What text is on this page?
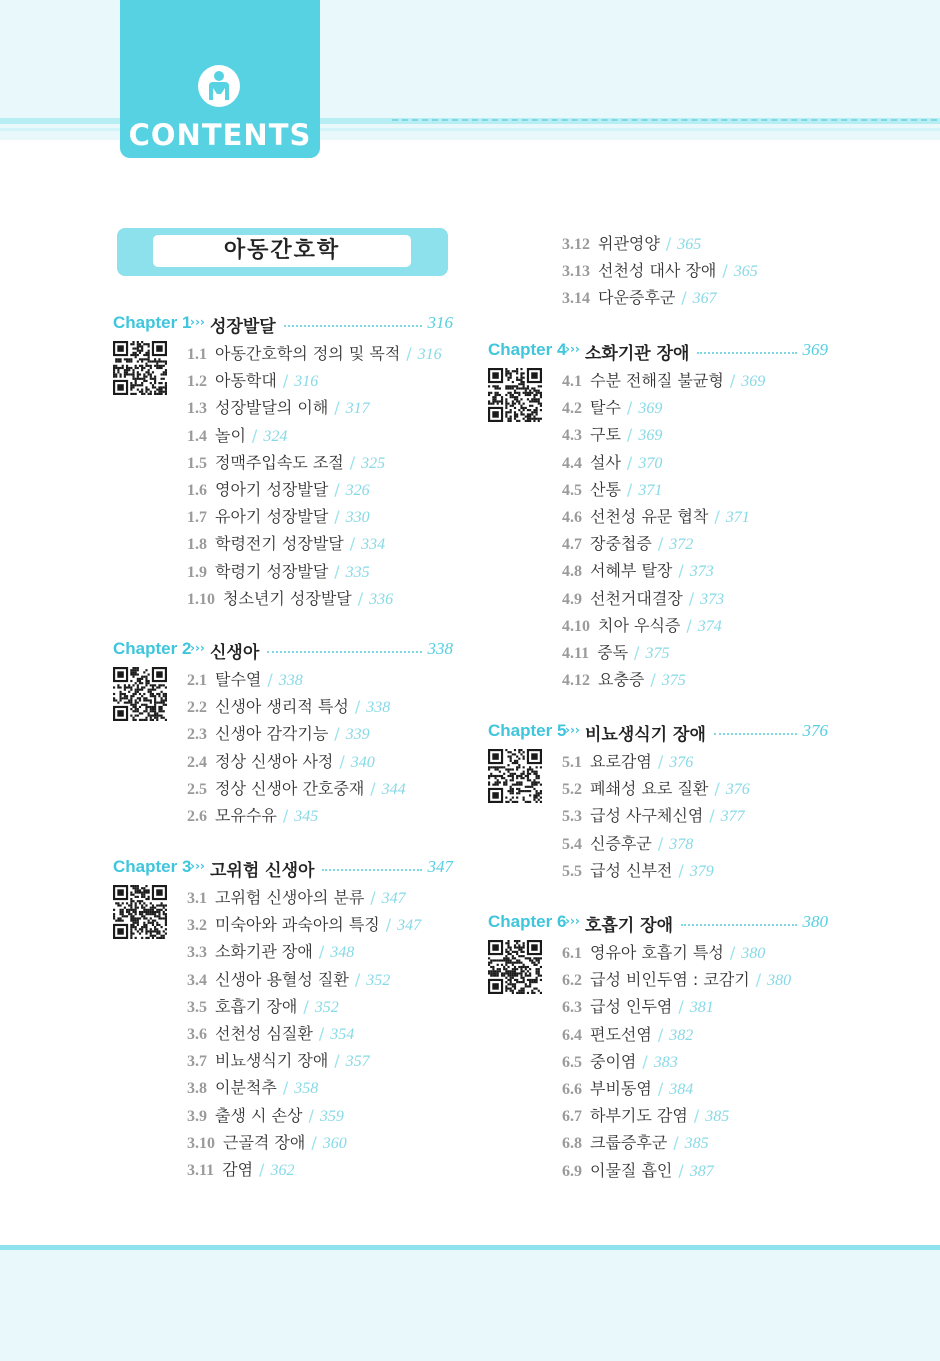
CONTENTS
아동간호학
Chapter 1
››› 성장발달	316
1.1 아동간호학의 정의 및 목적 / 316
1.2 아동학대 / 316
1.3 성장발달의 이해 / 317
1.4 놀이 / 324
1.5 정맥주입속도 조절 / 325
1.6 영아기 성장발달 / 326
1.7 유아기 성장발달 / 330
1.8 학령전기 성장발달 / 334
1.9 학령기 성장발달 / 335
1.10 청소년기 성장발달 / 336
Chapter 2
››› 신생아	338
2.1 탈수열 / 338
2.2 신생아 생리적 특성 / 338
2.3 신생아 감각기능 / 339
2.4 정상 신생아 사정 / 340
2.5 정상 신생아 간호중재 / 344
2.6 모유수유 / 345
Chapter 3
››› 고위험 신생아	347
3.1 고위험 신생아의 분류 / 347
3.2 미숙아와 과숙아의 특징 / 347
3.3 소화기관 장애 / 348
3.4 신생아 용혈성 질환 / 352
3.5 호흡기 장애 / 352
3.6 선천성 심질환 / 354
3.7 비뇨생식기 장애 / 357
3.8 이분척추 / 358
3.9 출생 시 손상 / 359
3.10 근골격 장애 / 360
3.11 감염 / 362
3.12 위관영양 / 365
3.13 선천성 대사 장애 / 365
3.14 다운증후군 / 367
Chapter 4
››› 소화기관 장애	369
4.1 수분 전해질 불균형 / 369
4.2 탈수 / 369
4.3 구토 / 369
4.4 설사 / 370
4.5 산통 / 371
4.6 선천성 유문 협착 / 371
4.7 장중첩증 / 372
4.8 서혜부 탈장 / 373
4.9 선천거대결장 / 373
4.10 치아 우식증 / 374
4.11 중독 / 375
4.12 요충증 / 375
Chapter 5
››› 비뇨생식기 장애	376
5.1 요로감염 / 376
5.2 폐쇄성 요로 질환 / 376
5.3 급성 사구체신염 / 377
5.4 신증후군 / 378
5.5 급성 신부전 / 379
Chapter 6
››› 호흡기 장애	380
6.1 영유아 호흡기 특성 / 380
6.2 급성 비인두염 : 코감기 / 380
6.3 급성 인두염 / 381
6.4 편도선염 / 382
6.5 중이염 / 383
6.6 부비동염 / 384
6.7 하부기도 감염 / 385
6.8 크룹증후군 / 385
6.9 이물질 흡인 / 387
